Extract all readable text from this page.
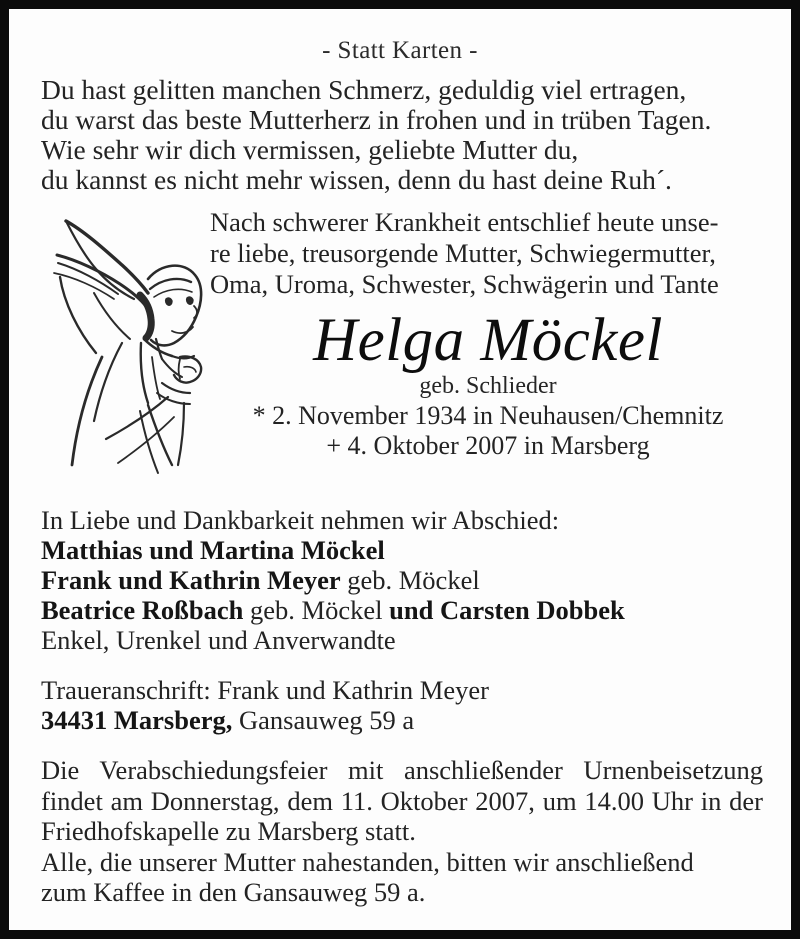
- Statt Karten -
Du hast gelitten manchen Schmerz, geduldig viel ertragen,
du warst das beste Mutterherz in frohen und in trüben Tagen.
Wie sehr wir dich vermissen, geliebte Mutter du,
du kannst es nicht mehr wissen, denn du hast deine Ruh´.
Nach schwerer Krankheit entschlief heute unse-
re liebe, treusorgende Mutter, Schwiegermutter,
Oma, Uroma, Schwester, Schwägerin und Tante
Helga Möckel
geb. Schlieder
* 2. November 1934 in Neuhausen/Chemnitz
+ 4. Oktober 2007 in Marsberg
In Liebe und Dankbarkeit nehmen wir Abschied:
Matthias und Martina Möckel
Frank und Kathrin Meyer geb. Möckel
Beatrice Roßbach geb. Möckel und Carsten Dobbek
Enkel, Urenkel und Anverwandte
Traueranschrift: Frank und Kathrin Meyer
34431 Marsberg, Gansauweg 59 a
Die Verabschiedungsfeier mit anschließender Urnenbeisetzung findet am Donnerstag, dem 11. Oktober 2007, um 14.00 Uhr in der Friedhofskapelle zu Marsberg statt.
Alle, die unserer Mutter nahestanden, bitten wir anschließend
zum Kaffee in den Gansauweg 59 a.
